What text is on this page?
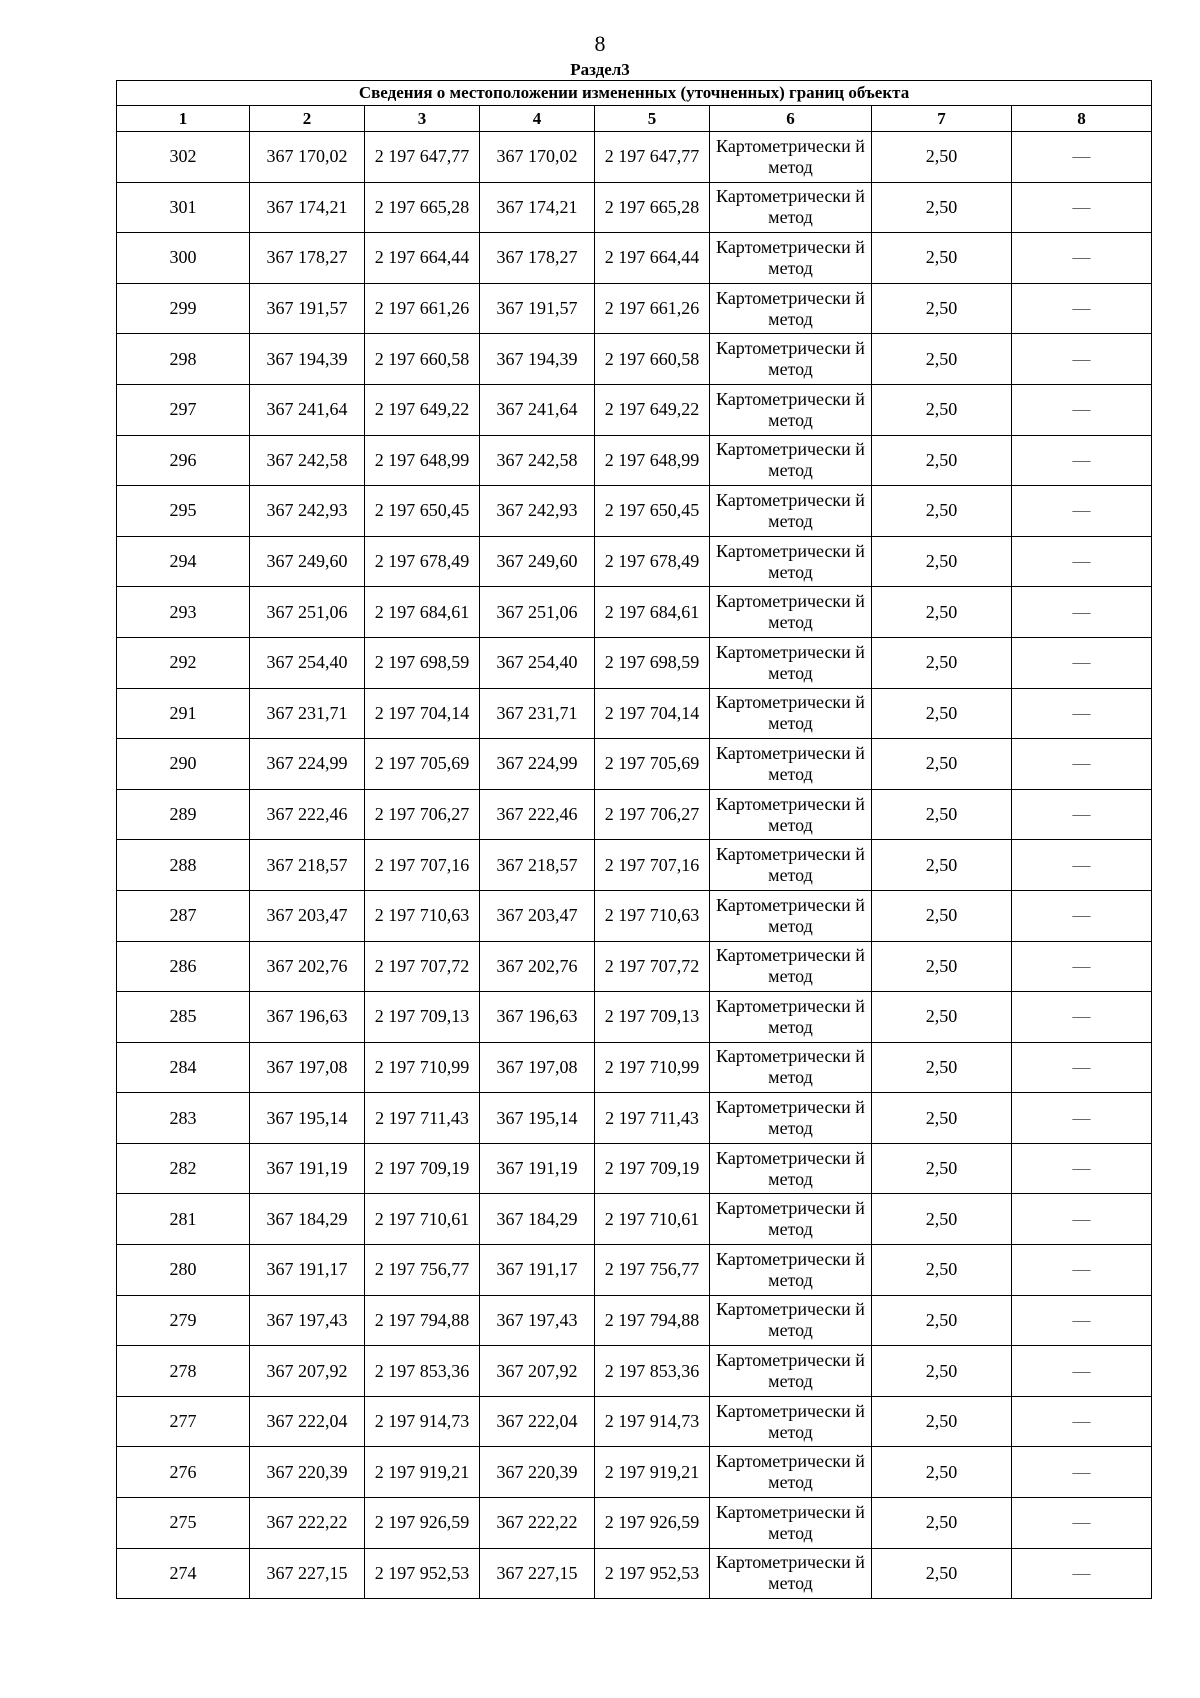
8
Раздел3
Сведения о местоположении измененных (уточненных) границ объекта							
1	2	3	4	5	6	7	8
302	367 170,02	2 197 647,77	367 170,02	2 197 647,77	Картометрически й метод	2,50	—
301	367 174,21	2 197 665,28	367 174,21	2 197 665,28	Картометрически й метод	2,50	—
300	367 178,27	2 197 664,44	367 178,27	2 197 664,44	Картометрически й метод	2,50	—
299	367 191,57	2 197 661,26	367 191,57	2 197 661,26	Картометрически й метод	2,50	—
298	367 194,39	2 197 660,58	367 194,39	2 197 660,58	Картометрически й метод	2,50	—
297	367 241,64	2 197 649,22	367 241,64	2 197 649,22	Картометрически й метод	2,50	—
296	367 242,58	2 197 648,99	367 242,58	2 197 648,99	Картометрически й метод	2,50	—
295	367 242,93	2 197 650,45	367 242,93	2 197 650,45	Картометрически й метод	2,50	—
294	367 249,60	2 197 678,49	367 249,60	2 197 678,49	Картометрически й метод	2,50	—
293	367 251,06	2 197 684,61	367 251,06	2 197 684,61	Картометрически й метод	2,50	—
292	367 254,40	2 197 698,59	367 254,40	2 197 698,59	Картометрически й метод	2,50	—
291	367 231,71	2 197 704,14	367 231,71	2 197 704,14	Картометрически й метод	2,50	—
290	367 224,99	2 197 705,69	367 224,99	2 197 705,69	Картометрически й метод	2,50	—
289	367 222,46	2 197 706,27	367 222,46	2 197 706,27	Картометрически й метод	2,50	—
288	367 218,57	2 197 707,16	367 218,57	2 197 707,16	Картометрически й метод	2,50	—
287	367 203,47	2 197 710,63	367 203,47	2 197 710,63	Картометрически й метод	2,50	—
286	367 202,76	2 197 707,72	367 202,76	2 197 707,72	Картометрически й метод	2,50	—
285	367 196,63	2 197 709,13	367 196,63	2 197 709,13	Картометрически й метод	2,50	—
284	367 197,08	2 197 710,99	367 197,08	2 197 710,99	Картометрически й метод	2,50	—
283	367 195,14	2 197 711,43	367 195,14	2 197 711,43	Картометрически й метод	2,50	—
282	367 191,19	2 197 709,19	367 191,19	2 197 709,19	Картометрически й метод	2,50	—
281	367 184,29	2 197 710,61	367 184,29	2 197 710,61	Картометрически й метод	2,50	—
280	367 191,17	2 197 756,77	367 191,17	2 197 756,77	Картометрически й метод	2,50	—
279	367 197,43	2 197 794,88	367 197,43	2 197 794,88	Картометрически й метод	2,50	—
278	367 207,92	2 197 853,36	367 207,92	2 197 853,36	Картометрически й метод	2,50	—
277	367 222,04	2 197 914,73	367 222,04	2 197 914,73	Картометрически й метод	2,50	—
276	367 220,39	2 197 919,21	367 220,39	2 197 919,21	Картометрически й метод	2,50	—
275	367 222,22	2 197 926,59	367 222,22	2 197 926,59	Картометрически й метод	2,50	—
274	367 227,15	2 197 952,53	367 227,15	2 197 952,53	Картометрически й метод	2,50	—
